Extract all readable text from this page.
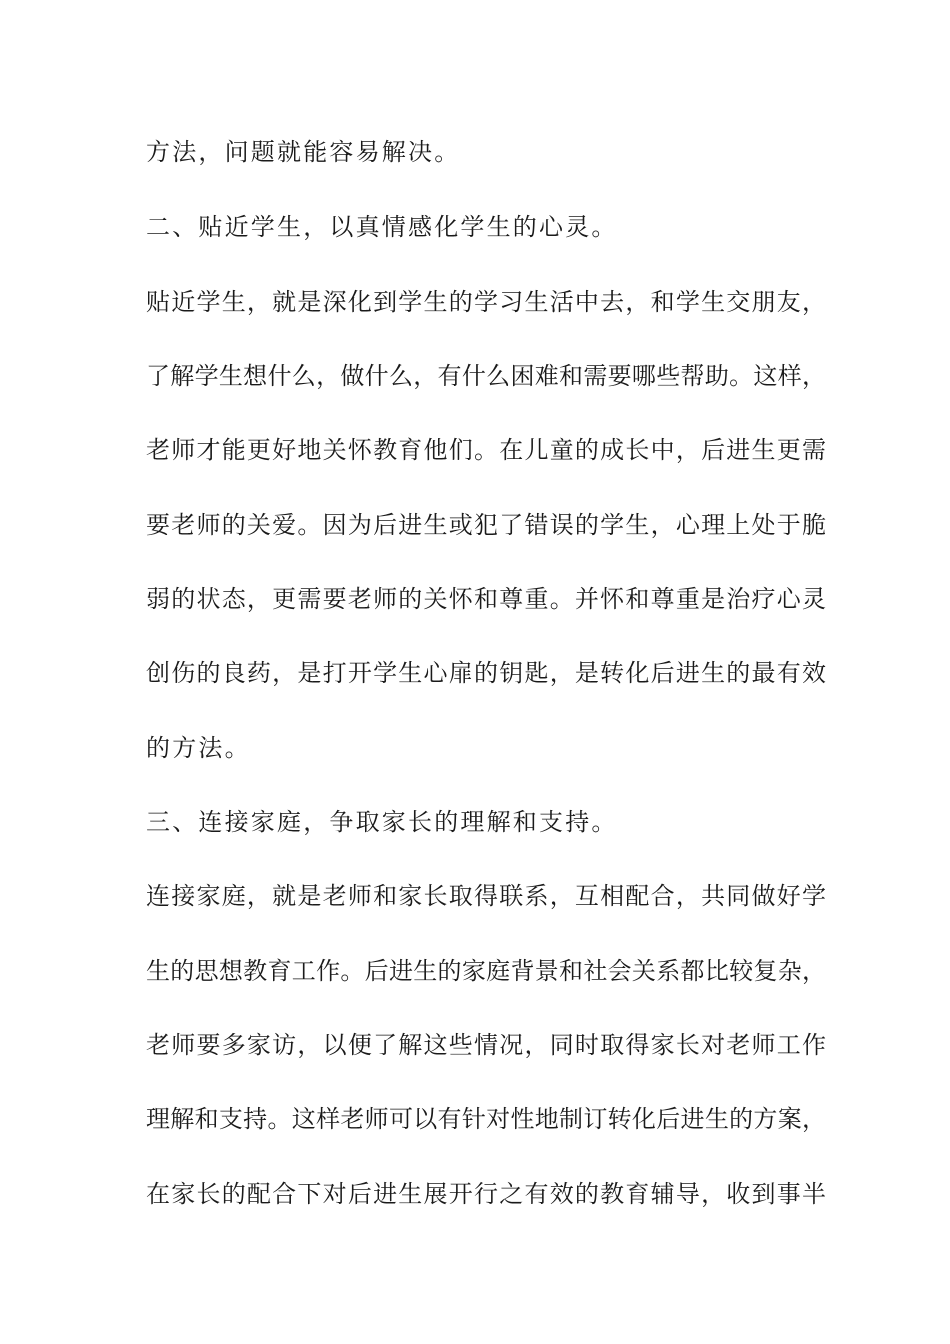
方法，问题就能容易解决。
二、贴近学生，以真情感化学生的心灵。
贴近学生，就是深化到学生的学习生活中去，和学生交朋友，
了解学生想什么，做什么，有什么困难和需要哪些帮助。这样，
老师才能更好地关怀教育他们。在儿童的成长中，后进生更需
要老师的关爱。因为后进生或犯了错误的学生，心理上处于脆
弱的状态，更需要老师的关怀和尊重。并怀和尊重是治疗心灵
创伤的良药，是打开学生心扉的钥匙，是转化后进生的最有效
的方法。
三、连接家庭，争取家长的理解和支持。
连接家庭，就是老师和家长取得联系，互相配合，共同做好学
生的思想教育工作。后进生的家庭背景和社会关系都比较复杂，
老师要多家访，以便了解这些情况，同时取得家长对老师工作
理解和支持。这样老师可以有针对性地制订转化后进生的方案，
在家长的配合下对后进生展开行之有效的教育辅导，收到事半
